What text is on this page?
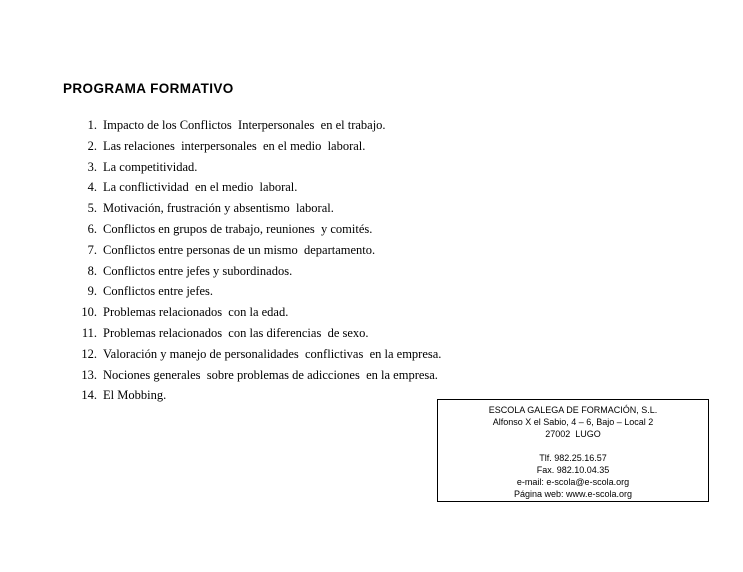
PROGRAMA FORMATIVO
1. Impacto de los Conflictos  Interpersonales  en el trabajo.
2. Las relaciones  interpersonales  en el medio  laboral.
3. La competitividad.
4. La conflictividad  en el medio  laboral.
5. Motivación, frustración y absentismo  laboral.
6. Conflictos en grupos de trabajo, reuniones  y comités.
7. Conflictos entre personas de un mismo  departamento.
8. Conflictos entre jefes y subordinados.
9. Conflictos entre jefes.
10. Problemas relacionados  con la edad.
11. Problemas relacionados  con las diferencias  de sexo.
12. Valoración y manejo de personalidades  conflictivas  en la empresa.
13. Nociones generales  sobre problemas de adicciones  en la empresa.
14. El Mobbing.
ESCOLA GALEGA DE FORMACIÓN, S.L.
Alfonso X el Sabio, 4 – 6, Bajo – Local 2
27002  LUGO
Tlf. 982.25.16.57
Fax. 982.10.04.35
e-mail: e-scola@e-scola.org
Página web: www.e-scola.org
